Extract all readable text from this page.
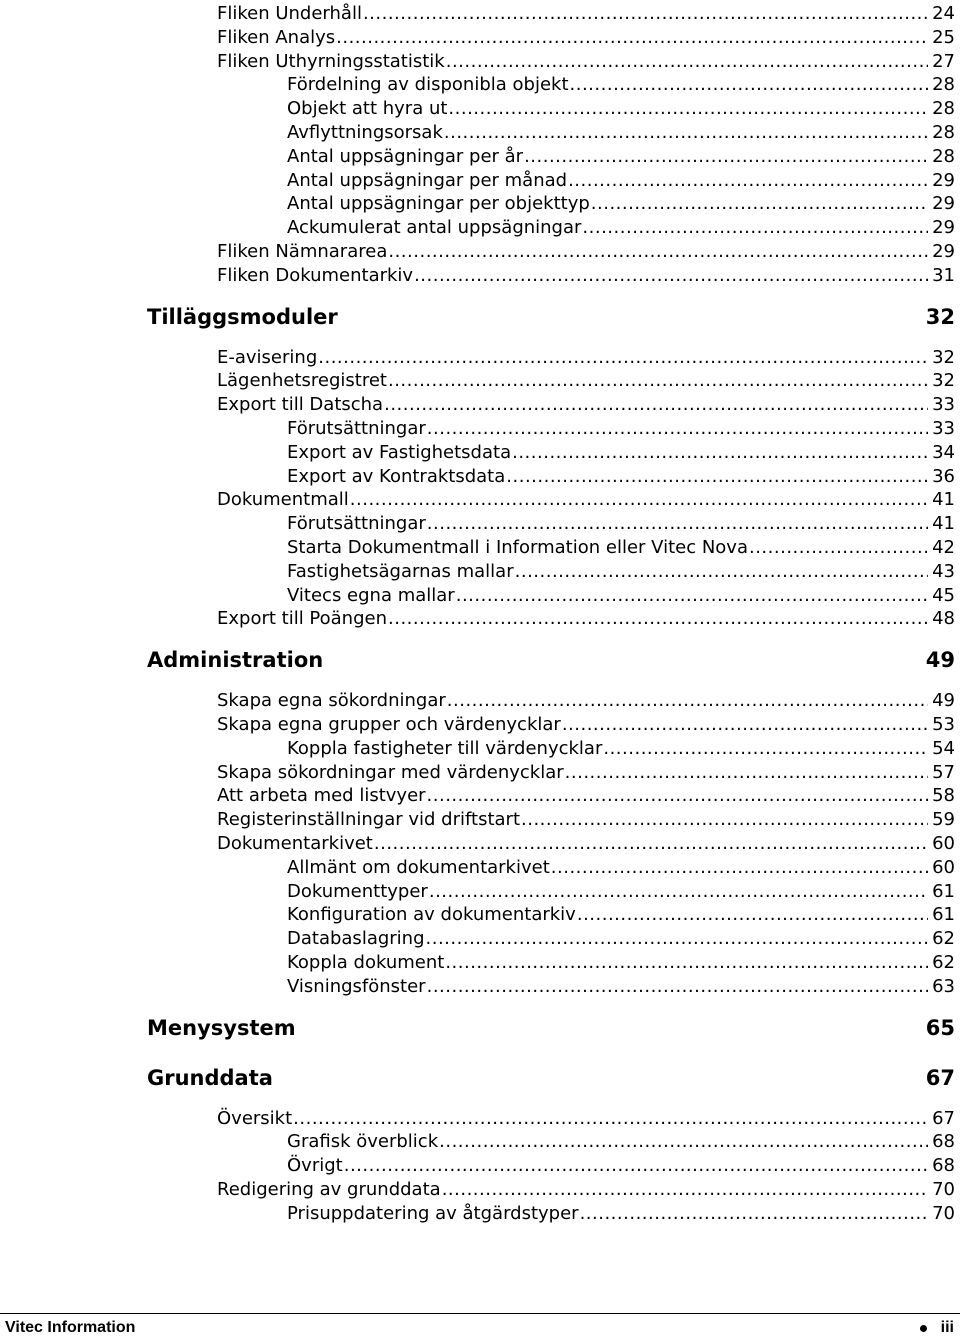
Fliken Underhåll .....	24
Fliken Analys .....	25
Fliken Uthyrningsstatistik .....	27
Fördelning av disponibla objekt .....	28
Objekt att hyra ut .....	28
Avflyttningsorsak .....	28
Antal uppsägningar per år .....	28
Antal uppsägningar per månad .....	29
Antal uppsägningar per objekttyp .....	29
Ackumulerat antal uppsägningar .....	29
Fliken Nämnararea .....	29
Fliken Dokumentarkiv .....	31
Tilläggsmoduler	32
E-avisering .....	32
Lägenhetsregistret .....	32
Export till Datscha .....	33
Förutsättningar .....	33
Export av Fastighetsdata .....	34
Export av Kontraktsdata .....	36
Dokumentmall .....	41
Förutsättningar .....	41
Starta Dokumentmall i Information eller Vitec Nova .....	42
Fastighetsägarnas mallar .....	43
Vitecs egna mallar .....	45
Export till Poängen .....	48
Administration	49
Skapa egna sökordningar .....	49
Skapa egna grupper och värdenycklar .....	53
Koppla fastigheter till värdenycklar .....	54
Skapa sökordningar med värdenycklar .....	57
Att arbeta med listvyer .....	58
Registerinställningar vid driftstart .....	59
Dokumentarkivet .....	60
Allmänt om dokumentarkivet .....	60
Dokumenttyper .....	61
Konfiguration av dokumentarkiv .....	61
Databaslagring .....	62
Koppla dokument .....	62
Visningsfönster .....	63
Menysystem	65
Grunddata	67
Översikt .....	67
Grafisk överblick .....	68
Övrigt .....	68
Redigering av grunddata .....	70
Prisuppdatering av åtgärdstyper .....	70
Vitec Information	iii
